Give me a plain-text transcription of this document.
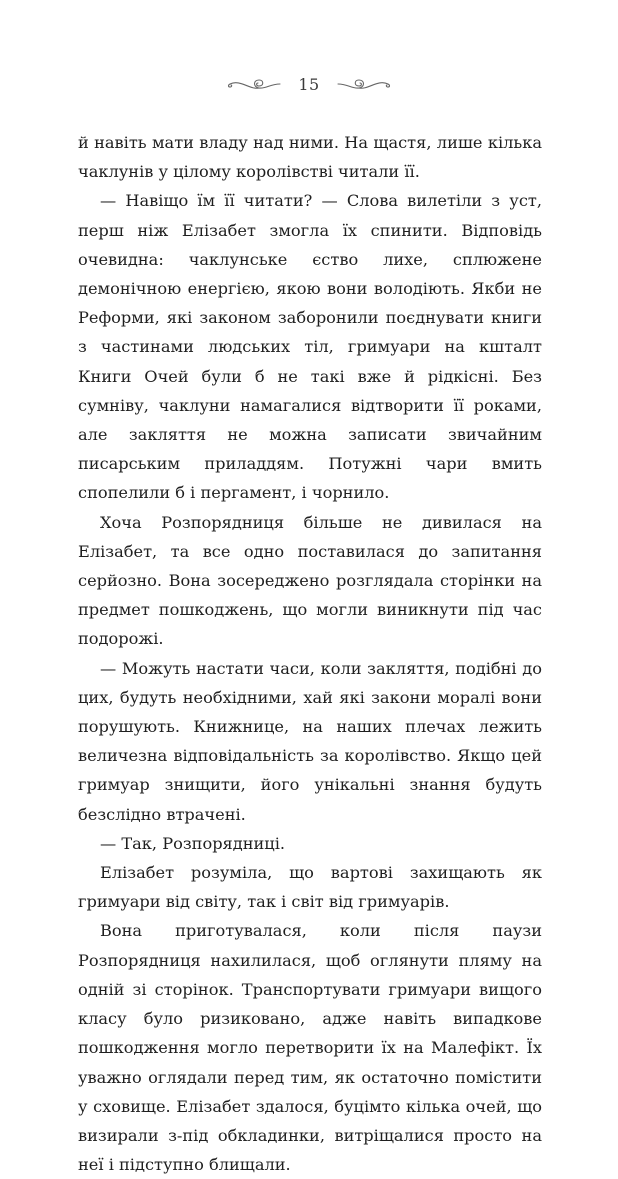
15

й навіть мати владу над ними. На щастя, лише кілька чаклунів у цілому королівстві читали її.

— Навіщо їм її читати? — Слова вилетіли з уст, перш ніж Елізабет змогла їх спинити. Відповідь очевидна: чаклунське єство лихе, сплюжене демонічною енергією, якою вони володіють. Якби не Реформи, які законом заборонили поєднувати книги з частинами людських тіл, гримуари на кшталт Книги Очей були б не такі вже й рідкісні. Без сумніву, чаклуни намагалися відтворити її роками, але закляття не можна записати звичайним писарським приладдям. Потужні чари вмить спопелили б і пергамент, і чорнило.

Хоча Розпорядниця більше не дивилася на Елізабет, та все одно поставилася до запитання серйозно. Вона зосереджено розглядала сторінки на предмет пошкоджень, що могли виникнути під час подорожі.

— Можуть настати часи, коли закляття, подібні до цих, будуть необхідними, хай які закони моралі вони порушують. Книжнице, на наших плечах лежить величезна відповідальність за королівство. Якщо цей гримуар знищити, його унікальні знання будуть безслідно втрачені.

— Так, Розпорядниці.

Елізабет розуміла, що вартові захищають як гримуари від світу, так і світ від гримуарів.

Вона приготувалася, коли після паузи Розпорядниця нахилилася, щоб оглянути пляму на одній зі сторінок. Транспортувати гримуари вищого класу було ризиковано, адже навіть випадкове пошкодження могло перетворити їх на Малефікт. Їх уважно оглядали перед тим, як остаточно помістити у сховище. Елізабет здалося, буцімто кілька очей, що визирали з-під обкладинки, витріщалися просто на неї і підступно блищали.
